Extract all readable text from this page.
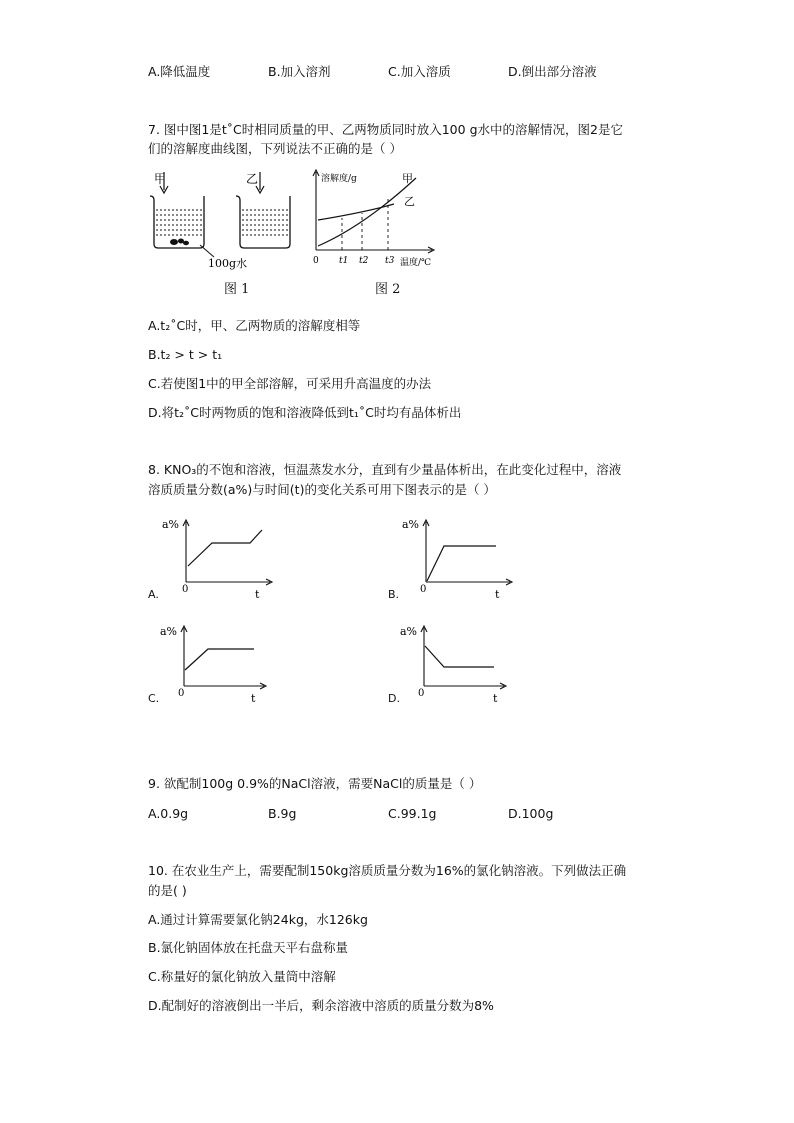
A.降低温度	B.加入溶剂	C.加入溶质	D.倒出部分溶液
7. 图中图1是t˚C时相同质量的甲、乙两物质同时放入100 g水中的溶解情况，图2是它
们的溶解度曲线图，下列说法不正确的是（ ）
甲	乙
100g水
图 1
溶解度/g	甲
乙
0 t1 t2 t3 温度/℃
图 2
A.t₂˚C时，甲、乙两物质的溶解度相等
B.t₂ > t > t₁
C.若使图1中的甲全部溶解，可采用升高温度的办法
D.将t₂˚C时两物质的饱和溶液降低到t₁˚C时均有晶体析出
8. KNO₃的不饱和溶液，恒温蒸发水分，直到有少量晶体析出，在此变化过程中，溶液
溶质质量分数(a%)与时间(t)的变化关系可用下图表示的是（ ）
A.
a%
0	t	B.
a%
0	t
C.
a%
0	t	D.
a%
0	t
9. 欲配制100g 0.9%的NaCl溶液，需要NaCl的质量是（ ）
A.0.9g	B.9g	C.99.1g	D.100g
10. 在农业生产上，需要配制150kg溶质质量分数为16%的氯化钠溶液。下列做法正确
的是( )
A.通过计算需要氯化钠24kg，水126kg
B.氯化钠固体放在托盘天平右盘称量
C.称量好的氯化钠放入量筒中溶解
D.配制好的溶液倒出一半后，剩余溶液中溶质的质量分数为8%
